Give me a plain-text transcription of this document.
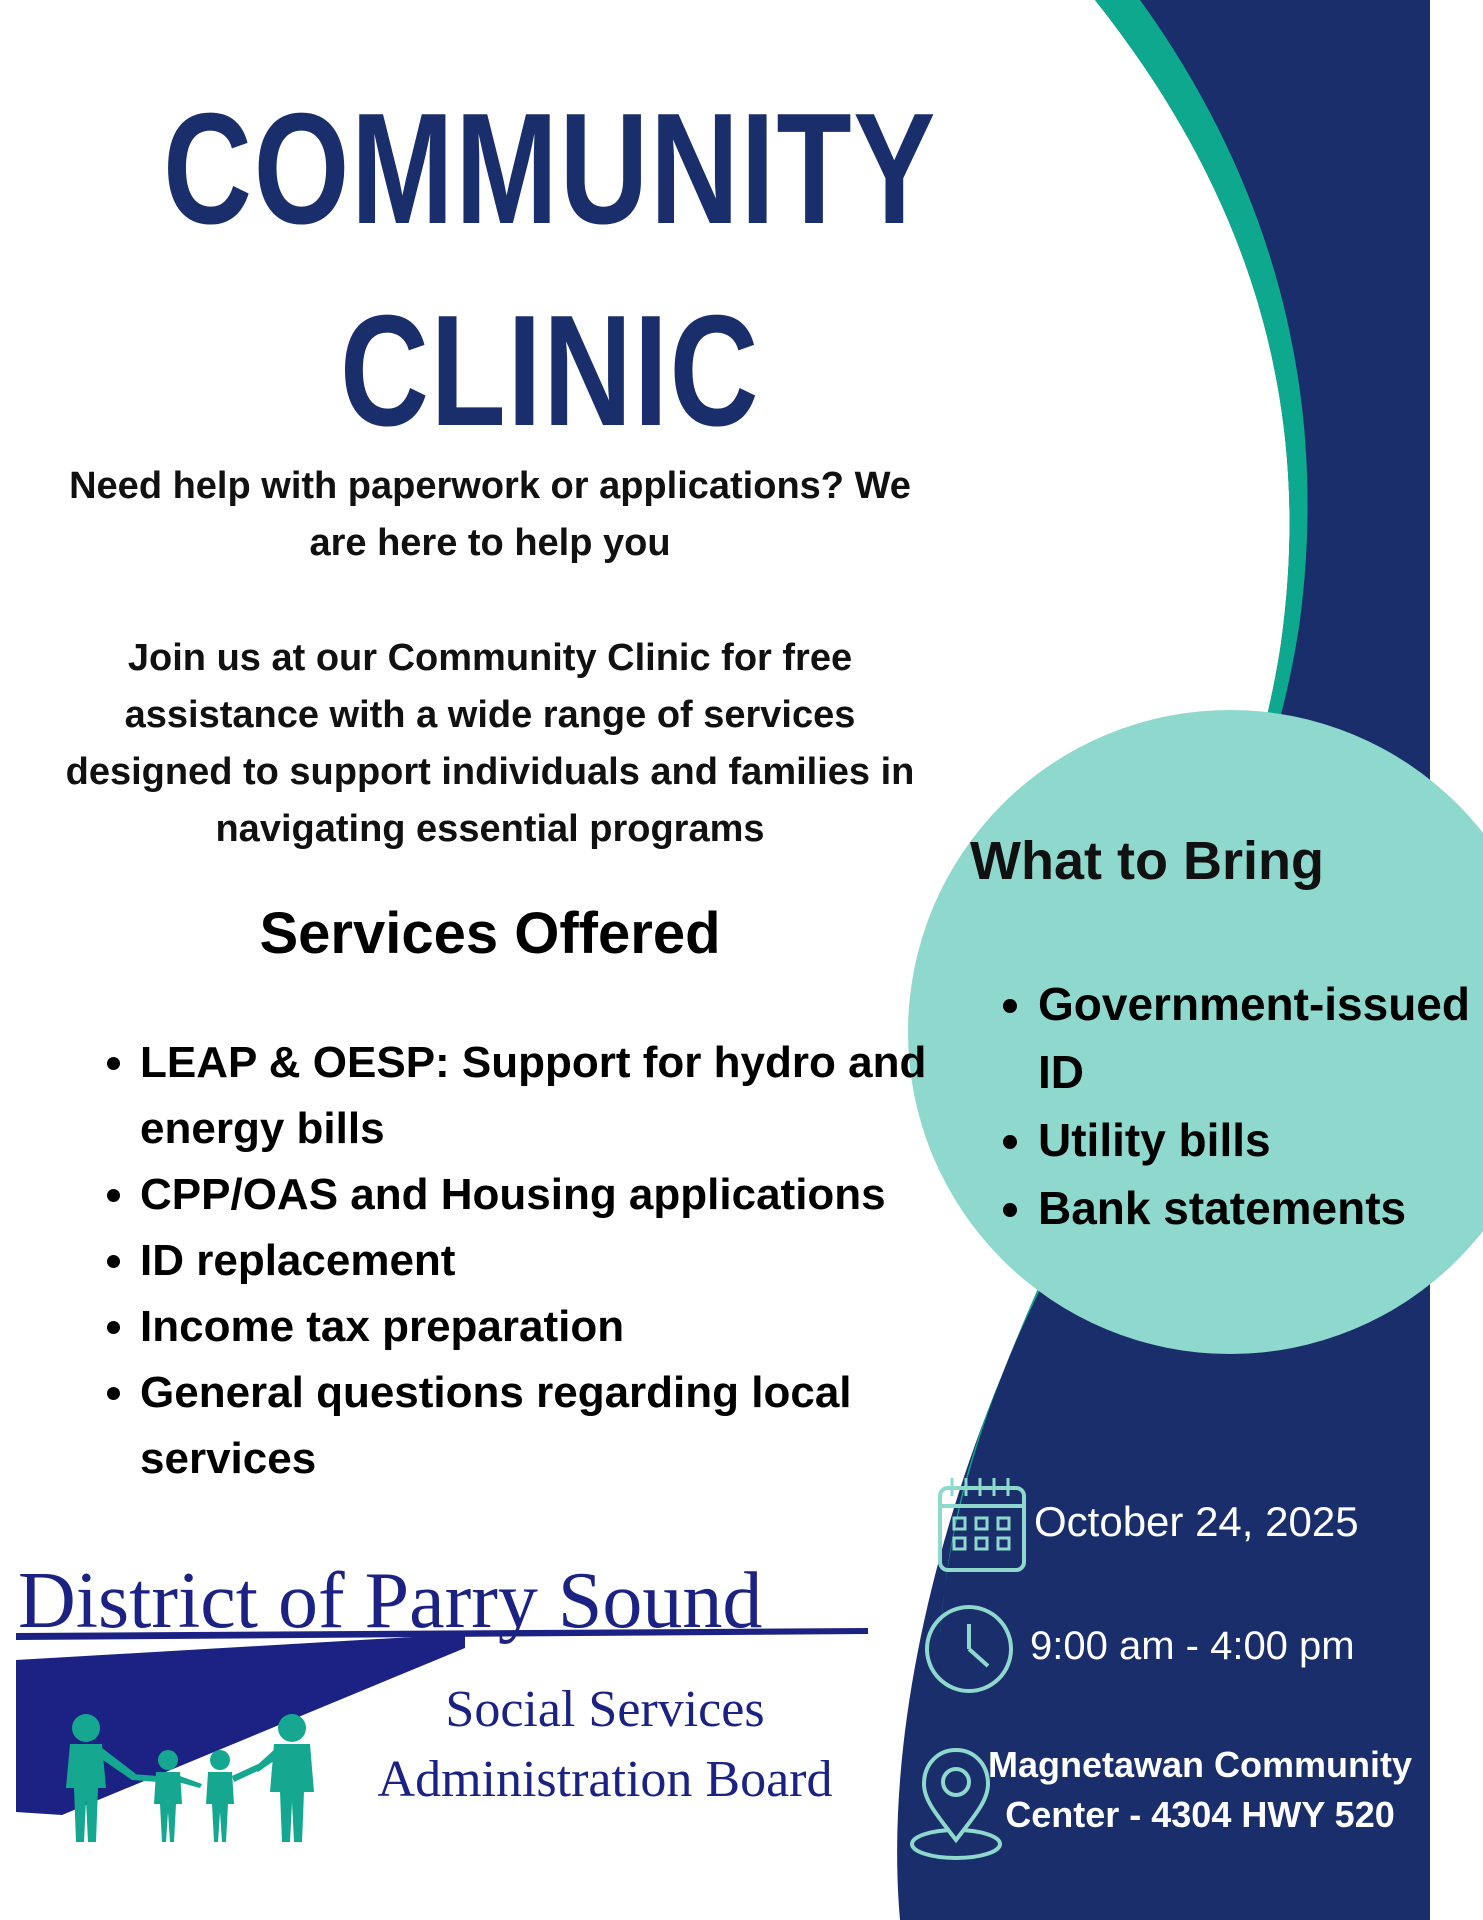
COMMUNITY
CLINIC

Need help with paperwork or applications? We are here to help you

Join us at our Community Clinic for free assistance with a wide range of services designed to support individuals and families in navigating essential programs

Services Offered
• LEAP & OESP: Support for hydro and energy bills
• CPP/OAS and Housing applications
• ID replacement
• Income tax preparation
• General questions regarding local services
What to Bring
• Government-issued ID
• Utility bills
• Bank statements

October 24, 2025

9:00 am - 4:00 pm

Magnetawan Community Center - 4304 HWY 520

District of Parry Sound

Social Services Administration Board
